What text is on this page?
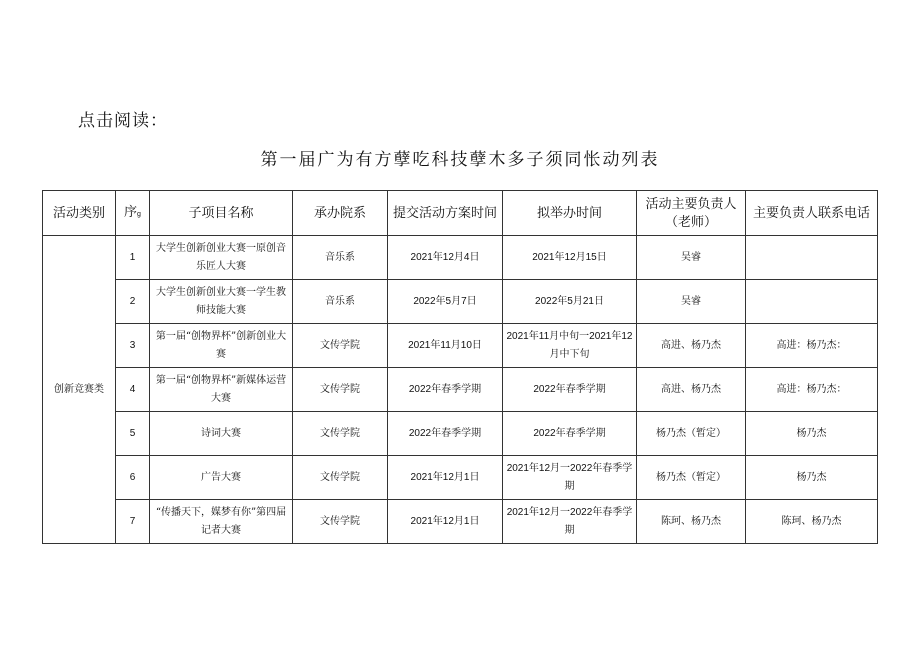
点击阅读：
第一届广为有方孽吃科技孽木多子须同怅动列表
活动类别	序g	子项目名称	承办院系	提交活动方案时间	拟举办时间	活动主要负责人（老师）	主要负责人联系电话
创新竞赛类	1	大学生创新创业大赛一原创音乐匠人大赛	音乐系	2021年12月4日	2021年12月15日	吴睿	
	2	大学生创新创业大赛一学生教师技能大赛	音乐系	2022年5月7日	2022年5月21日	吴睿	
	3	第一届“创物界杯”创新创业大赛	文传学院	2021年11月10日	2021年11月中旬一2021年12月中下旬	高进、杨乃杰	高进：杨乃杰：
	4	第一届“创物界杯”新媒体运营大赛	文传学院	2022年春季学期	2022年春季学期	高进、杨乃杰	高进：杨乃杰：
	5	诗词大赛	文传学院	2022年春季学期	2022年春季学期	杨乃杰（暂定）	杨乃杰
	6	广告大赛	文传学院	2021年12月1日	2021年12月一2022年春季学期	杨乃杰（暂定）	杨乃杰
	7	“传播天下，媒梦有你”第四届记者大赛	文传学院	2021年12月1日	2021年12月一2022年春季学期	陈珂、杨乃杰	陈珂、杨乃杰
